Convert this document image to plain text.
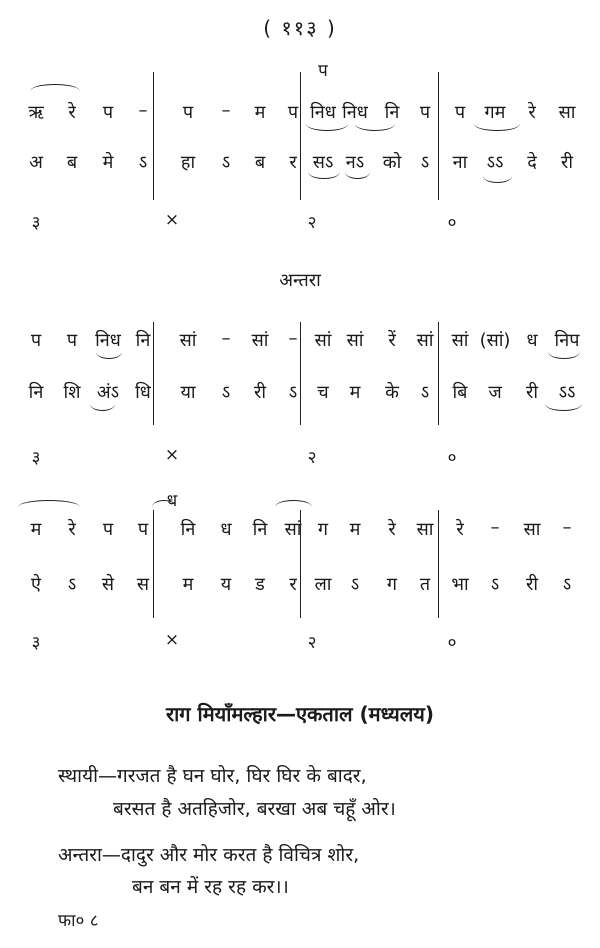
( ११३ )
ऋ रे प – प – म प निध निध नि प प गम रे सा
अ ब मे ऽ हा ऽ ब र सऽ नऽ को ऽ ना ऽऽ दे री
३	×	२	०
प
अन्तरा
प प निध नि सां – सां – सां सां रें सां सां (सां) ध निप
नि शि अंऽ धि या ऽ री ऽ च म के ऽ बि ज री ऽऽ
३	×	२	०
म रे प प नि ध नि सां ग म रे सा रे – सा –
ऐ ऽ से स म य ड र ला ऽ ग त भा ऽ री ऽ
३	×	२	०
ध
राग मियाँमल्हार—एकताल (मध्यलय)
स्थायी—गरजत है घन घोर, घिर घिर के बादर,
बरसत है अतहिजोर, बरखा अब चहूँ ओर।
अन्तरा—दादुर और मोर करत है विचित्र शोर,
बन बन में रह रह कर।।
फा० ८
